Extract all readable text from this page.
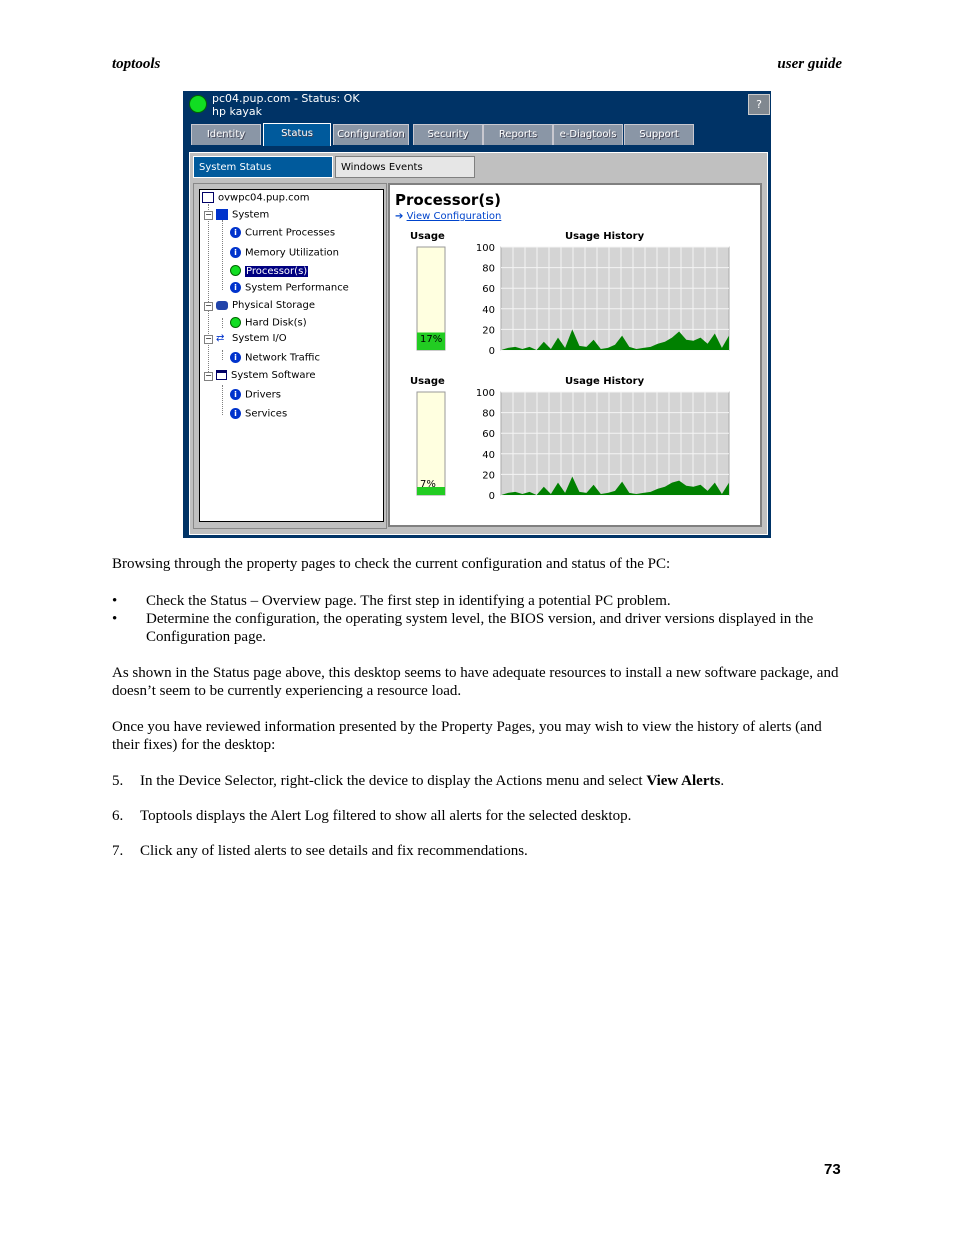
toptools	user guide
pc04.pup.com - Status: OK
hp kayak
?
Identity	Status	Configuration	Security	Reports	e-Diagtools	Support
System Status	Windows Events
ovwpc04.pup.com
−	System
i Current Processes
i Memory Utilization
Processor(s)
i System Performance
−	Physical Storage
Hard Disk(s)
− ⇄ System I/O
i Network Traffic
−	System Software
i Drivers
i Services
Processor(s)
➔ View Configuration
Usage	Usage History
17%
100
80
60
40
20
0
Usage	Usage History
7%
100
80
60
40
20
0
Browsing through the property pages to check the current configuration and status of the PC:
• Check the Status – Overview page. The first step in identifying a potential PC problem.
• Determine the configuration, the operating system level, the BIOS version, and driver versions displayed in the Configuration page.
As shown in the Status page above, this desktop seems to have adequate resources to install a new software package, and doesn’t seem to be currently experiencing a resource load.
Once you have reviewed information presented by the Property Pages, you may wish to view the history of alerts (and their fixes) for the desktop:
5. In the Device Selector, right-click the device to display the Actions menu and select View Alerts.
6. Toptools displays the Alert Log filtered to show all alerts for the selected desktop.
7. Click any of listed alerts to see details and fix recommendations.
73
